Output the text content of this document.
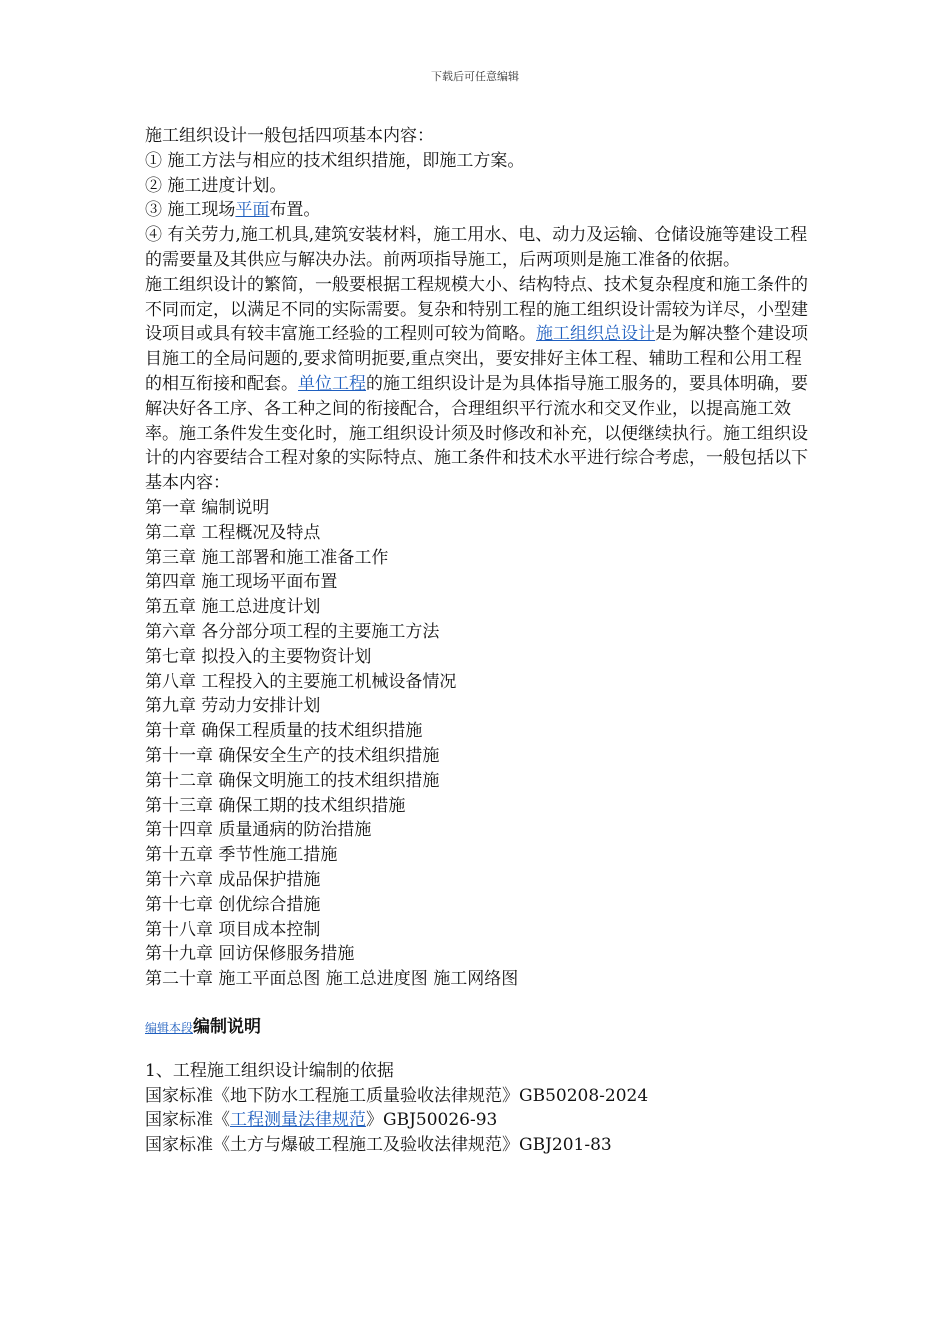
下载后可任意编辑

施工组织设计一般包括四项基本内容：

① 施工方法与相应的技术组织措施，即施工方案。

② 施工进度计划。

③ 施工现场平面布置。

④ 有关劳力,施工机具,建筑安装材料，施工用水、电、动力及运输、仓储设施等建设工程的需要量及其供应与解决办法。前两项指导施工，后两项则是施工准备的依据。

施工组织设计的繁简，一般要根据工程规模大小、结构特点、技术复杂程度和施工条件的不同而定，以满足不同的实际需要。复杂和特别工程的施工组织设计需较为详尽，小型建设项目或具有较丰富施工经验的工程则可较为简略。施工组织总设计是为解决整个建设项目施工的全局问题的,要求简明扼要,重点突出，要安排好主体工程、辅助工程和公用工程的相互衔接和配套。单位工程的施工组织设计是为具体指导施工服务的，要具体明确，要解决好各工序、各工种之间的衔接配合，合理组织平行流水和交叉作业，以提高施工效率。施工条件发生变化时，施工组织设计须及时修改和补充，以便继续执行。施工组织设计的内容要结合工程对象的实际特点、施工条件和技术水平进行综合考虑，一般包括以下基本内容：

第一章 编制说明
第二章 工程概况及特点
第三章 施工部署和施工准备工作
第四章 施工现场平面布置
第五章 施工总进度计划
第六章 各分部分项工程的主要施工方法
第七章 拟投入的主要物资计划
第八章 工程投入的主要施工机械设备情况
第九章 劳动力安排计划
第十章 确保工程质量的技术组织措施
第十一章 确保安全生产的技术组织措施
第十二章 确保文明施工的技术组织措施
第十三章 确保工期的技术组织措施
第十四章 质量通病的防治措施
第十五章 季节性施工措施
第十六章 成品保护措施
第十七章 创优综合措施
第十八章 项目成本控制
第十九章 回访保修服务措施
第二十章 施工平面总图 施工总进度图 施工网络图
编辑本段编制说明
1、工程施工组织设计编制的依据
国家标准《地下防水工程施工质量验收法律规范》GB50208-2024
国家标准《工程测量法律规范》GBJ50026-93
国家标准《土方与爆破工程施工及验收法律规范》GBJ201-83
